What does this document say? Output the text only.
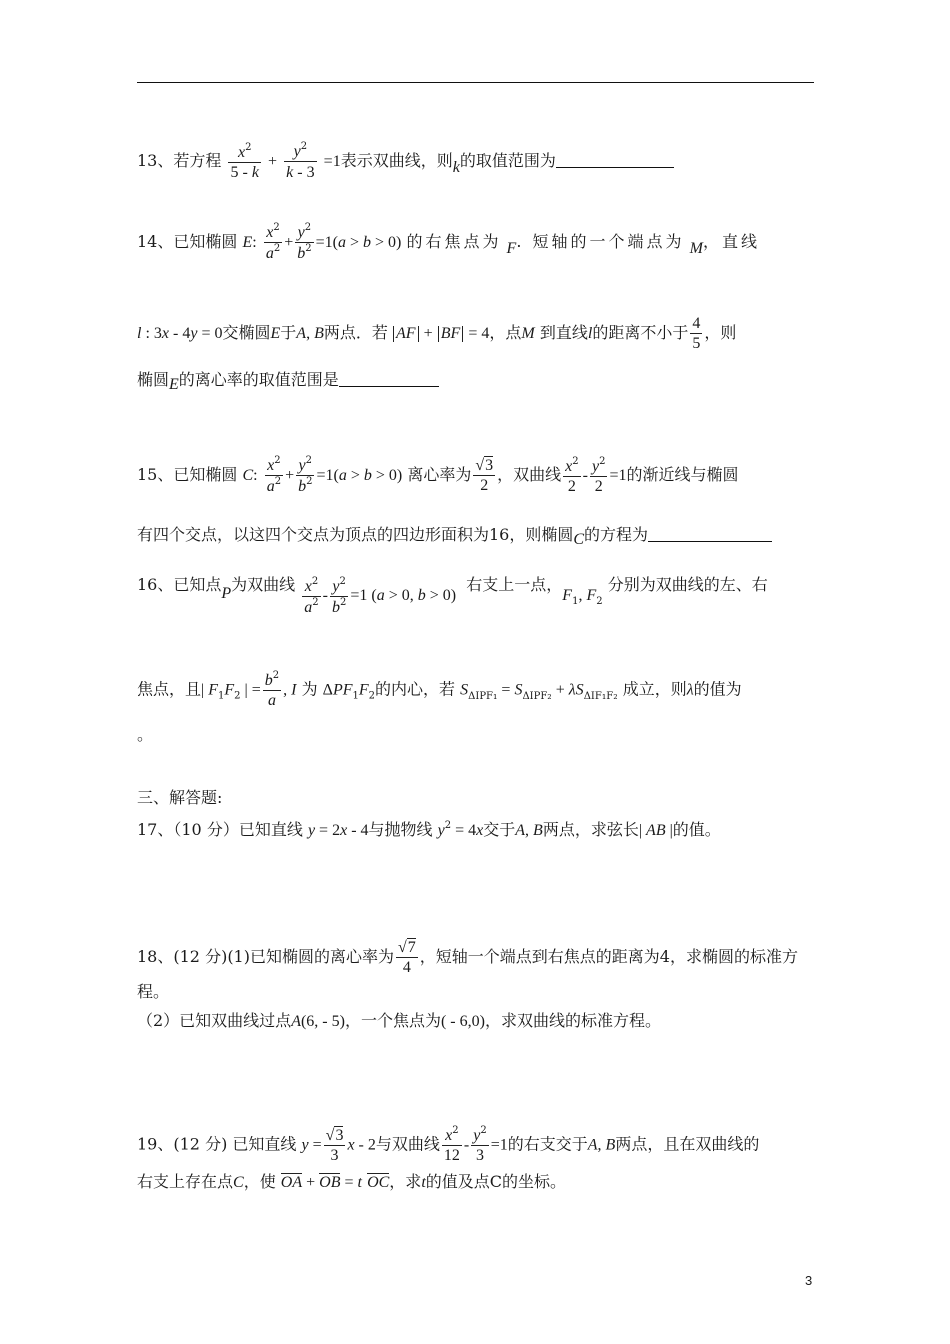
13、若方程 $\frac{x^2}{5 - k} + \frac{y^2}{k - 3} =1$表示双曲线，则k的取值范围为
14、已知椭圆 E: $\frac{x^2}{a^2} + \frac{y^2}{b^2} =1(a > b > 0)$ 的右焦点为 F. 短轴的一个端点为 M，直线
l : 3x - 4y = 0交椭圆E于A, B两点．若 AF + BF = 4，点M 到直线l的距离不小于 $\frac{4}{5}$ ，则
椭圆E的离心率的取值范围是
15、已知椭圆 C: $\frac{x^2}{a^2} + \frac{y^2}{b^2} =1(a > b > 0)$ 离心率为 $\frac{√3}{2}$ ，双曲线 $\frac{x^2}{2} - \frac{y^2}{2} =1$的渐近线与椭圆
有四个交点，以这四个交点为顶点的四边形面积为16，则椭圆C的方程为
16、已知点P为双曲线 $\frac{x^2}{a^2} - \frac{y^2}{b^2} =1$ (a > 0, b > 0)  右支上一点，$F_1$, $F_2$ 分别为双曲线的左、右
焦点，且| $F_1F_2$ | = $\frac{b^2}{a}$ , I 为 $\Delta PF_1F_2$的内心，若 $S_{\Delta IPF_1} = S_{\Delta IPF_2} + \lambda S_{\Delta IF_1F_2}$ 成立，则λ的值为
。
三、解答题:
17、（10 分）已知直线 y = 2x - 4与抛物线 $y^2 = 4x$交于A, B两点，求弦长| AB |的值。
18、(12 分)(1)已知椭圆的离心率为 $\frac{√7}{4}$ ，短轴一个端点到右焦点的距离为4，求椭圆的标准方
程。
（2）已知双曲线过点A(6, - 5)，一个焦点为( - 6,0)，求双曲线的标准方程。
19、(12 分) 已知直线 $y = \frac{√3}{3}$ x - 2与双曲线 $\frac{x^2}{12} - \frac{y^2}{3} =1$的右支交于A, B两点，且在双曲线的
右支上存在点C，使 OA + OB = t OC，求t的值及点C的坐标。
3
